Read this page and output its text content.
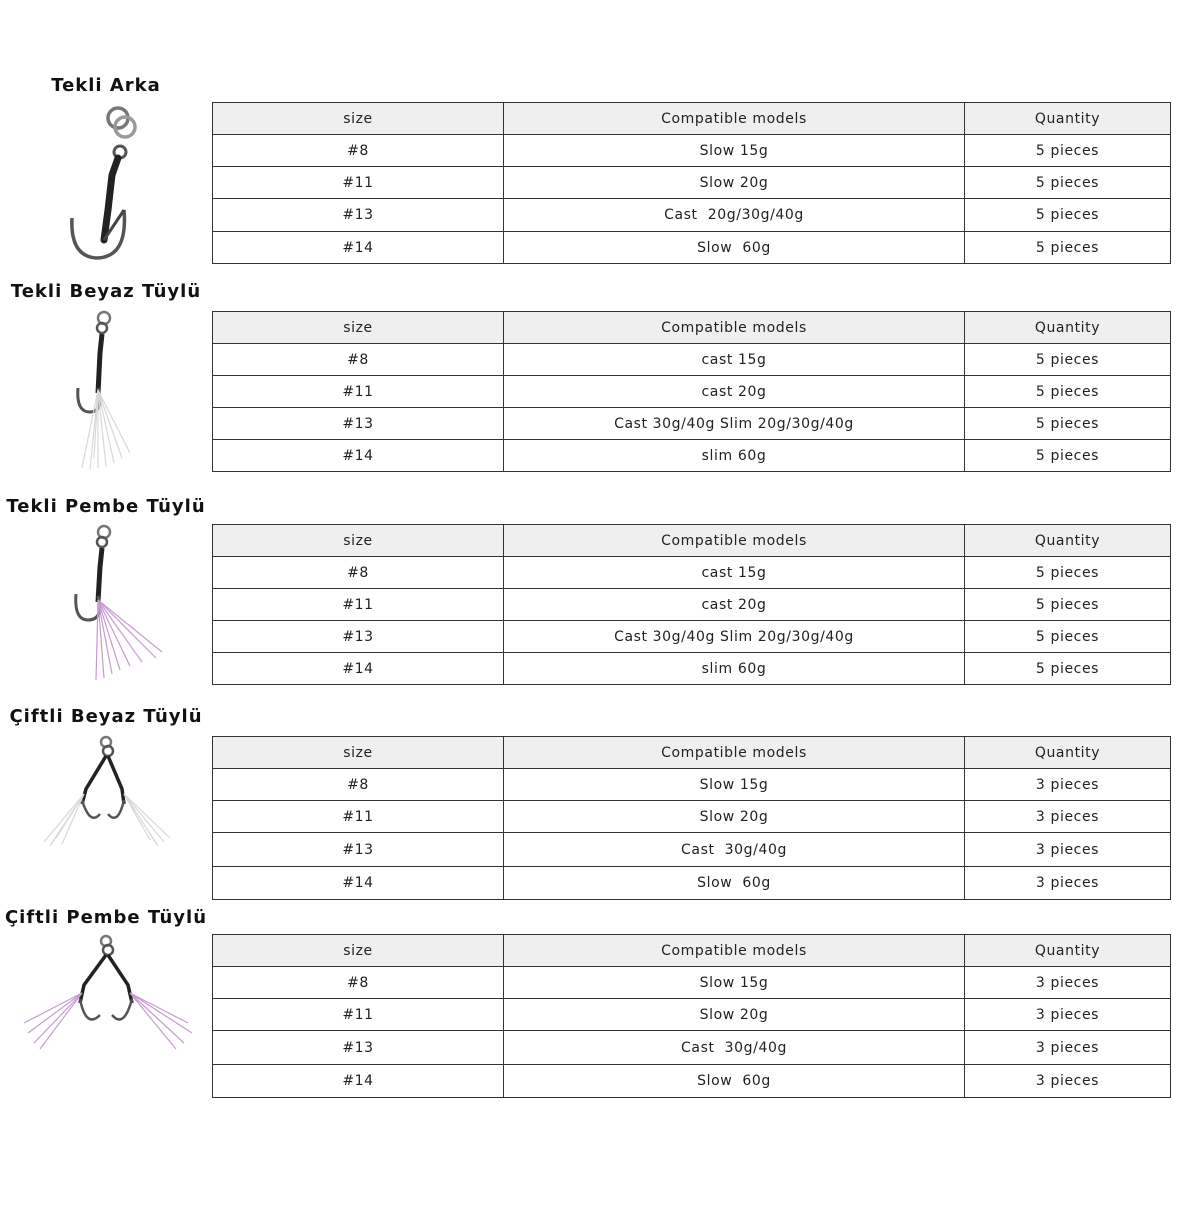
Tekli Arka
size	Compatible models	Quantity
#8	Slow 15g	5 pieces
#11	Slow 20g	5 pieces
#13	Cast  20g/30g/40g	5 pieces
#14	Slow  60g	5 pieces
Tekli Beyaz Tüylü
size	Compatible models	Quantity
#8	cast 15g	5 pieces
#11	cast 20g	5 pieces
#13	Cast 30g/40g Slim 20g/30g/40g	5 pieces
#14	slim 60g	5 pieces
Tekli Pembe Tüylü
size	Compatible models	Quantity
#8	cast 15g	5 pieces
#11	cast 20g	5 pieces
#13	Cast 30g/40g Slim 20g/30g/40g	5 pieces
#14	slim 60g	5 pieces
Çiftli Beyaz Tüylü
size	Compatible models	Quantity
#8	Slow 15g	3 pieces
#11	Slow 20g	3 pieces
#13	Cast  30g/40g	3 pieces
#14	Slow  60g	3 pieces
Çiftli Pembe Tüylü
size	Compatible models	Quantity
#8	Slow 15g	3 pieces
#11	Slow 20g	3 pieces
#13	Cast  30g/40g	3 pieces
#14	Slow  60g	3 pieces
